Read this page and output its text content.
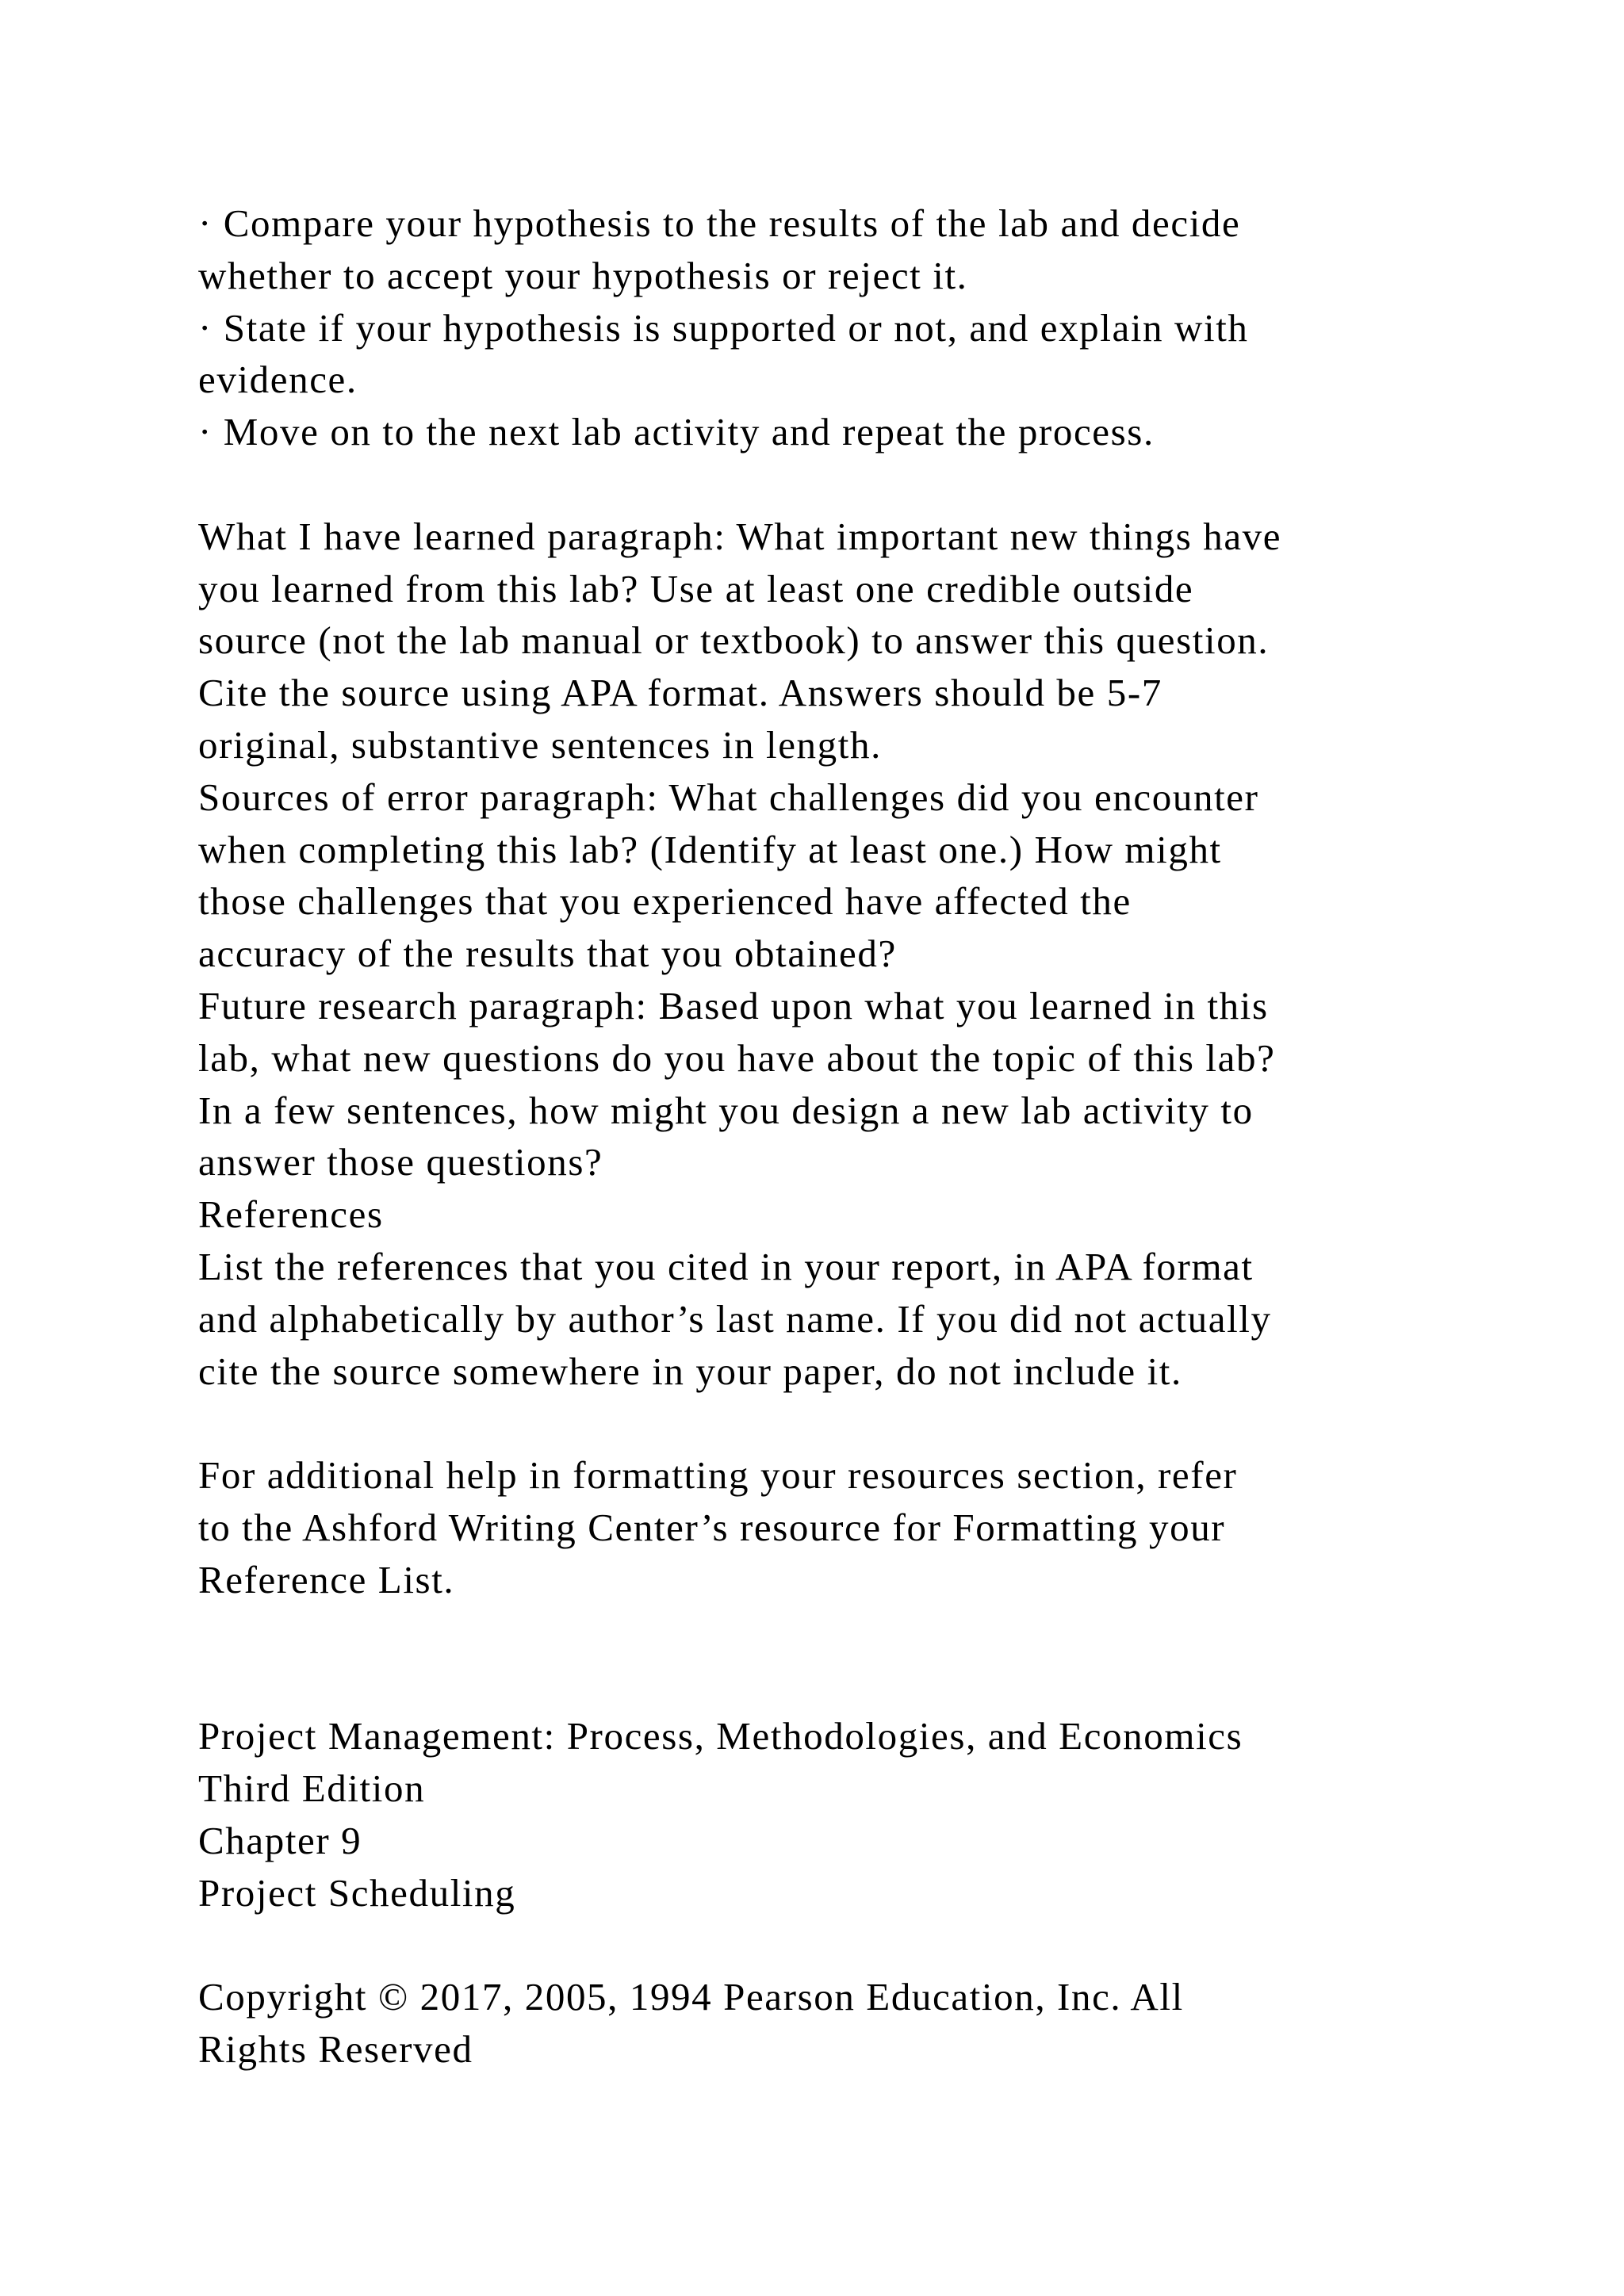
· Compare your hypothesis to the results of the lab and decide
whether to accept your hypothesis or reject it.
· State if your hypothesis is supported or not, and explain with
evidence.
· Move on to the next lab activity and repeat the process.
What I have learned paragraph: What important new things have
you learned from this lab? Use at least one credible outside
source (not the lab manual or textbook) to answer this question.
Cite the source using APA format. Answers should be 5-7
original, substantive sentences in length.
Sources of error paragraph: What challenges did you encounter
when completing this lab? (Identify at least one.) How might
those challenges that you experienced have affected the
accuracy of the results that you obtained?
Future research paragraph: Based upon what you learned in this
lab, what new questions do you have about the topic of this lab?
In a few sentences, how might you design a new lab activity to
answer those questions?
References
List the references that you cited in your report, in APA format
and alphabetically by author’s last name. If you did not actually
cite the source somewhere in your paper, do not include it.
For additional help in formatting your resources section, refer
to the Ashford Writing Center’s resource for Formatting your
Reference List.
Project Management: Process, Methodologies, and Economics
Third Edition
Chapter 9
Project Scheduling
Copyright © 2017, 2005, 1994 Pearson Education, Inc. All
Rights Reserved
